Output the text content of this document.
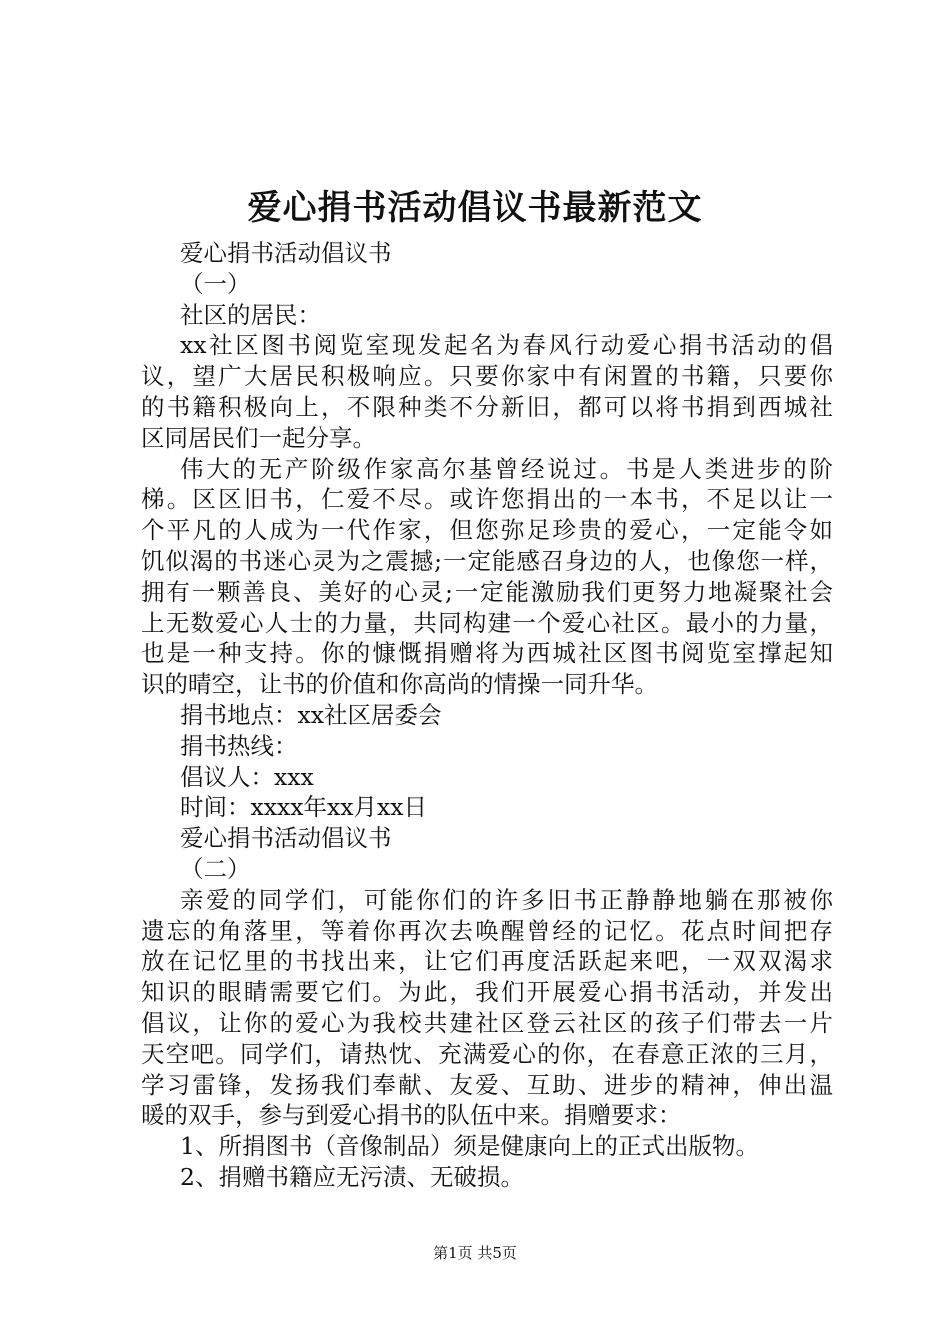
爱心捐书活动倡议书最新范文
爱心捐书活动倡议书
（一）
社区的居民：
xx社区图书阅览室现发起名为春风行动爱心捐书活动的倡
议，望广大居民积极响应。只要你家中有闲置的书籍，只要你
的书籍积极向上，不限种类不分新旧，都可以将书捐到西城社
区同居民们一起分享。
伟大的无产阶级作家高尔基曾经说过。书是人类进步的阶
梯。区区旧书，仁爱不尽。或许您捐出的一本书，不足以让一
个平凡的人成为一代作家，但您弥足珍贵的爱心，一定能令如
饥似渴的书迷心灵为之震撼;一定能感召身边的人，也像您一样，
拥有一颗善良、美好的心灵;一定能激励我们更努力地凝聚社会
上无数爱心人士的力量，共同构建一个爱心社区。最小的力量，
也是一种支持。你的慷慨捐赠将为西城社区图书阅览室撑起知
识的晴空，让书的价值和你高尚的情操一同升华。
捐书地点：xx社区居委会
捐书热线：
倡议人：xxx
时间：xxxx年xx月xx日
爱心捐书活动倡议书
（二）
亲爱的同学们，可能你们的许多旧书正静静地躺在那被你
遗忘的角落里，等着你再次去唤醒曾经的记忆。花点时间把存
放在记忆里的书找出来，让它们再度活跃起来吧，一双双渴求
知识的眼睛需要它们。为此，我们开展爱心捐书活动，并发出
倡议，让你的爱心为我校共建社区登云社区的孩子们带去一片
天空吧。同学们，请热忱、充满爱心的你，在春意正浓的三月，
学习雷锋，发扬我们奉献、友爱、互助、进步的精神，伸出温
暖的双手，参与到爱心捐书的队伍中来。捐赠要求：
1、所捐图书（音像制品）须是健康向上的正式出版物。
2、捐赠书籍应无污渍、无破损。
第1页 共5页
